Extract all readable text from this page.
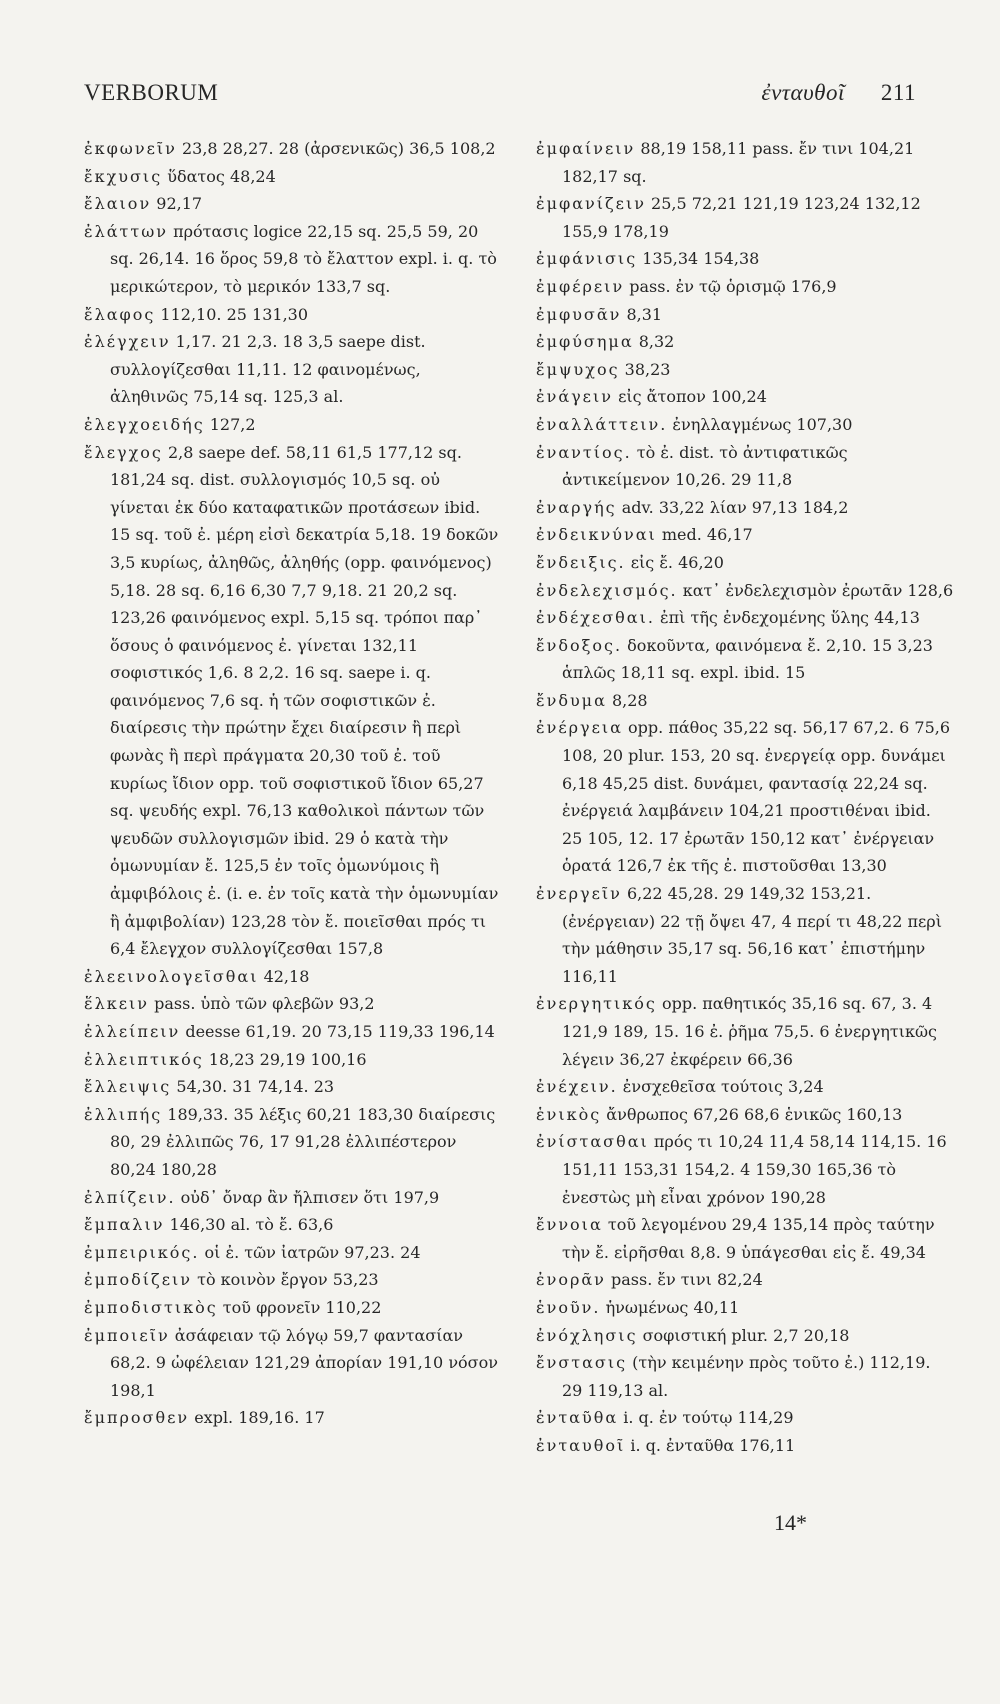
VERBORUM	ἐνταυθοῖ 211

ἐκφωνεῖν 23,8 28,27. 28 (ἀρσενικῶς) 36,5 108,2

ἔκχυσις ὕδατος 48,24

ἔλαιον 92,17

ἐλάττων πρότασις logice 22,15 sq. 25,5 59, 20 sq. 26,14. 16 ὅρος 59,8 τὸ ἔλαττον expl. i. q. τὸ μερικώτερον, τὸ μερικόν 133,7 sq.

ἔλαφος 112,10. 25 131,30

ἐλέγχειν 1,17. 21 2,3. 18 3,5 saepe dist. συλλογίζεσθαι 11,11. 12 φαινομένως, ἀληθινῶς 75,14 sq. 125,3 al.

ἐλεγχοειδής 127,2

ἔλεγχος 2,8 saepe def. 58,11 61,5 177,12 sq. 181,24 sq. dist. συλλογισμός 10,5 sq. οὐ γίνεται ἐκ δύο καταφατικῶν προτάσεων ibid. 15 sq. τοῦ ἐ. μέρη εἰσὶ δεκατρία 5,18. 19 δοκῶν 3,5 κυρίως, ἀληθῶς, ἀληθής (opp. φαινόμενος) 5,18. 28 sq. 6,16 6,30 7,7 9,18. 21 20,2 sq. 123,26 φαινόμενος expl. 5,15 sq. τρόποι παρ᾽ ὅσους ὁ φαινόμενος ἐ. γίνεται 132,11 σοφιστικός 1,6. 8 2,2. 16 sq. saepe i. q. φαινόμενος 7,6 sq. ἡ τῶν σοφιστικῶν ἐ. διαίρεσις τὴν πρώτην ἔχει διαίρεσιν ἢ περὶ φωνὰς ἢ περὶ πράγματα 20,30 τοῦ ἐ. τοῦ κυρίως ἴδιον opp. τοῦ σοφιστικοῦ ἴδιον 65,27 sq. ψευδής expl. 76,13 καθολικοὶ πάντων τῶν ψευδῶν συλλογισμῶν ibid. 29 ὁ κατὰ τὴν ὁμωνυμίαν ἔ. 125,5 ἐν τοῖς ὁμωνύμοις ἢ ἀμφιβόλοις ἐ. (i. e. ἐν τοῖς κατὰ τὴν ὁμωνυμίαν ἢ ἀμφιβολίαν) 123,28 τὸν ἔ. ποιεῖσθαι πρός τι 6,4 ἔλεγχον συλλογίζεσθαι 157,8

ἐλεεινολογεῖσθαι 42,18

ἕλκειν pass. ὑπὸ τῶν φλεβῶν 93,2

ἐλλείπειν deesse 61,19. 20 73,15 119,33 196,14

ἐλλειπτικός 18,23 29,19 100,16

ἔλλειψις 54,30. 31 74,14. 23

ἐλλιπής 189,33. 35 λέξις 60,21 183,30 διαίρεσις 80, 29 ἐλλιπῶς 76, 17 91,28 ἐλλιπέστερον 80,24 180,28

ἐλπίζειν. οὐδ᾽ ὄναρ ἂν ἤλπισεν ὅτι 197,9

ἔμπαλιν 146,30 al. τὸ ἔ. 63,6

ἐμπειρικός. οἱ ἐ. τῶν ἰατρῶν 97,23. 24

ἐμποδίζειν τὸ κοινὸν ἔργον 53,23

ἐμποδιστικὸς τοῦ φρονεῖν 110,22

ἐμποιεῖν ἀσάφειαν τῷ λόγῳ 59,7 φαντασίαν 68,2. 9 ὠφέλειαν 121,29 ἀπορίαν 191,10 νόσον 198,1

ἔμπροσθεν expl. 189,16. 17

ἐμφαίνειν 88,19 158,11 pass. ἔν τινι 104,21 182,17 sq.

ἐμφανίζειν 25,5 72,21 121,19 123,24 132,12 155,9 178,19

ἐμφάνισις 135,34 154,38

ἐμφέρειν pass. ἐν τῷ ὁρισμῷ 176,9

ἐμφυσᾶν 8,31

ἐμφύσημα 8,32

ἔμψυχος 38,23

ἐνάγειν εἰς ἄτοπον 100,24

ἐναλλάττειν. ἐνηλλαγμένως 107,30

ἐναντίος. τὸ ἐ. dist. τὸ ἀντιφατικῶς ἀντικείμενον 10,26. 29 11,8

ἐναργής adv. 33,22 λίαν 97,13 184,2

ἐνδεικνύναι med. 46,17

ἔνδειξις. εἰς ἔ. 46,20

ἐνδελεχισμός. κατ᾽ ἐνδελεχισμὸν ἐρωτᾶν 128,6

ἐνδέχεσθαι. ἐπὶ τῆς ἐνδεχομένης ὕλης 44,13

ἔνδοξος. δοκοῦντα, φαινόμενα ἔ. 2,10. 15 3,23 ἁπλῶς 18,11 sq. expl. ibid. 15

ἔνδυμα 8,28

ἐνέργεια opp. πάθος 35,22 sq. 56,17 67,2. 6 75,6 108, 20 plur. 153, 20 sq. ἐνεργείᾳ opp. δυνάμει 6,18 45,25 dist. δυνάμει, φαντασίᾳ 22,24 sq. ἐνέργειά λαμβάνειν 104,21 προστιθέναι ibid. 25 105, 12. 17 ἐρωτᾶν 150,12 κατ᾽ ἐνέργειαν ὁρατά 126,7 ἐκ τῆς ἐ. πιστοῦσθαι 13,30

ἐνεργεῖν 6,22 45,28. 29 149,32 153,21. (ἐνέργειαν) 22 τῇ ὄψει 47, 4 περί τι 48,22 περὶ τὴν μάθησιν 35,17 sq. 56,16 κατ᾽ ἐπιστήμην 116,11

ἐνεργητικός opp. παθητικός 35,16 sq. 67, 3. 4 121,9 189, 15. 16 ἐ. ῥῆμα 75,5. 6 ἐνεργητικῶς λέγειν 36,27 ἐκφέρειν 66,36

ἐνέχειν. ἐνσχεθεῖσα τούτοις 3,24

ἑνικὸς ἄνθρωπος 67,26 68,6 ἑνικῶς 160,13

ἐνίστασθαι πρός τι 10,24 11,4 58,14 114,15. 16 151,11 153,31 154,2. 4 159,30 165,36 τὸ ἐνεστὼς μὴ εἶναι χρόνον 190,28

ἔννοια τοῦ λεγομένου 29,4 135,14 πρὸς ταύτην τὴν ἔ. εἰρῆσθαι 8,8. 9 ὑπάγεσθαι εἰς ἔ. 49,34

ἐνορᾶν pass. ἔν τινι 82,24

ἑνοῦν. ἡνωμένως 40,11

ἐνόχλησις σοφιστική plur. 2,7 20,18

ἔνστασις (τὴν κειμένην πρὸς τοῦτο ἐ.) 112,19. 29 119,13 al.

ἐνταῦθα i. q. ἐν τούτῳ 114,29

ἐνταυθοῖ i. q. ἐνταῦθα 176,11

14*
